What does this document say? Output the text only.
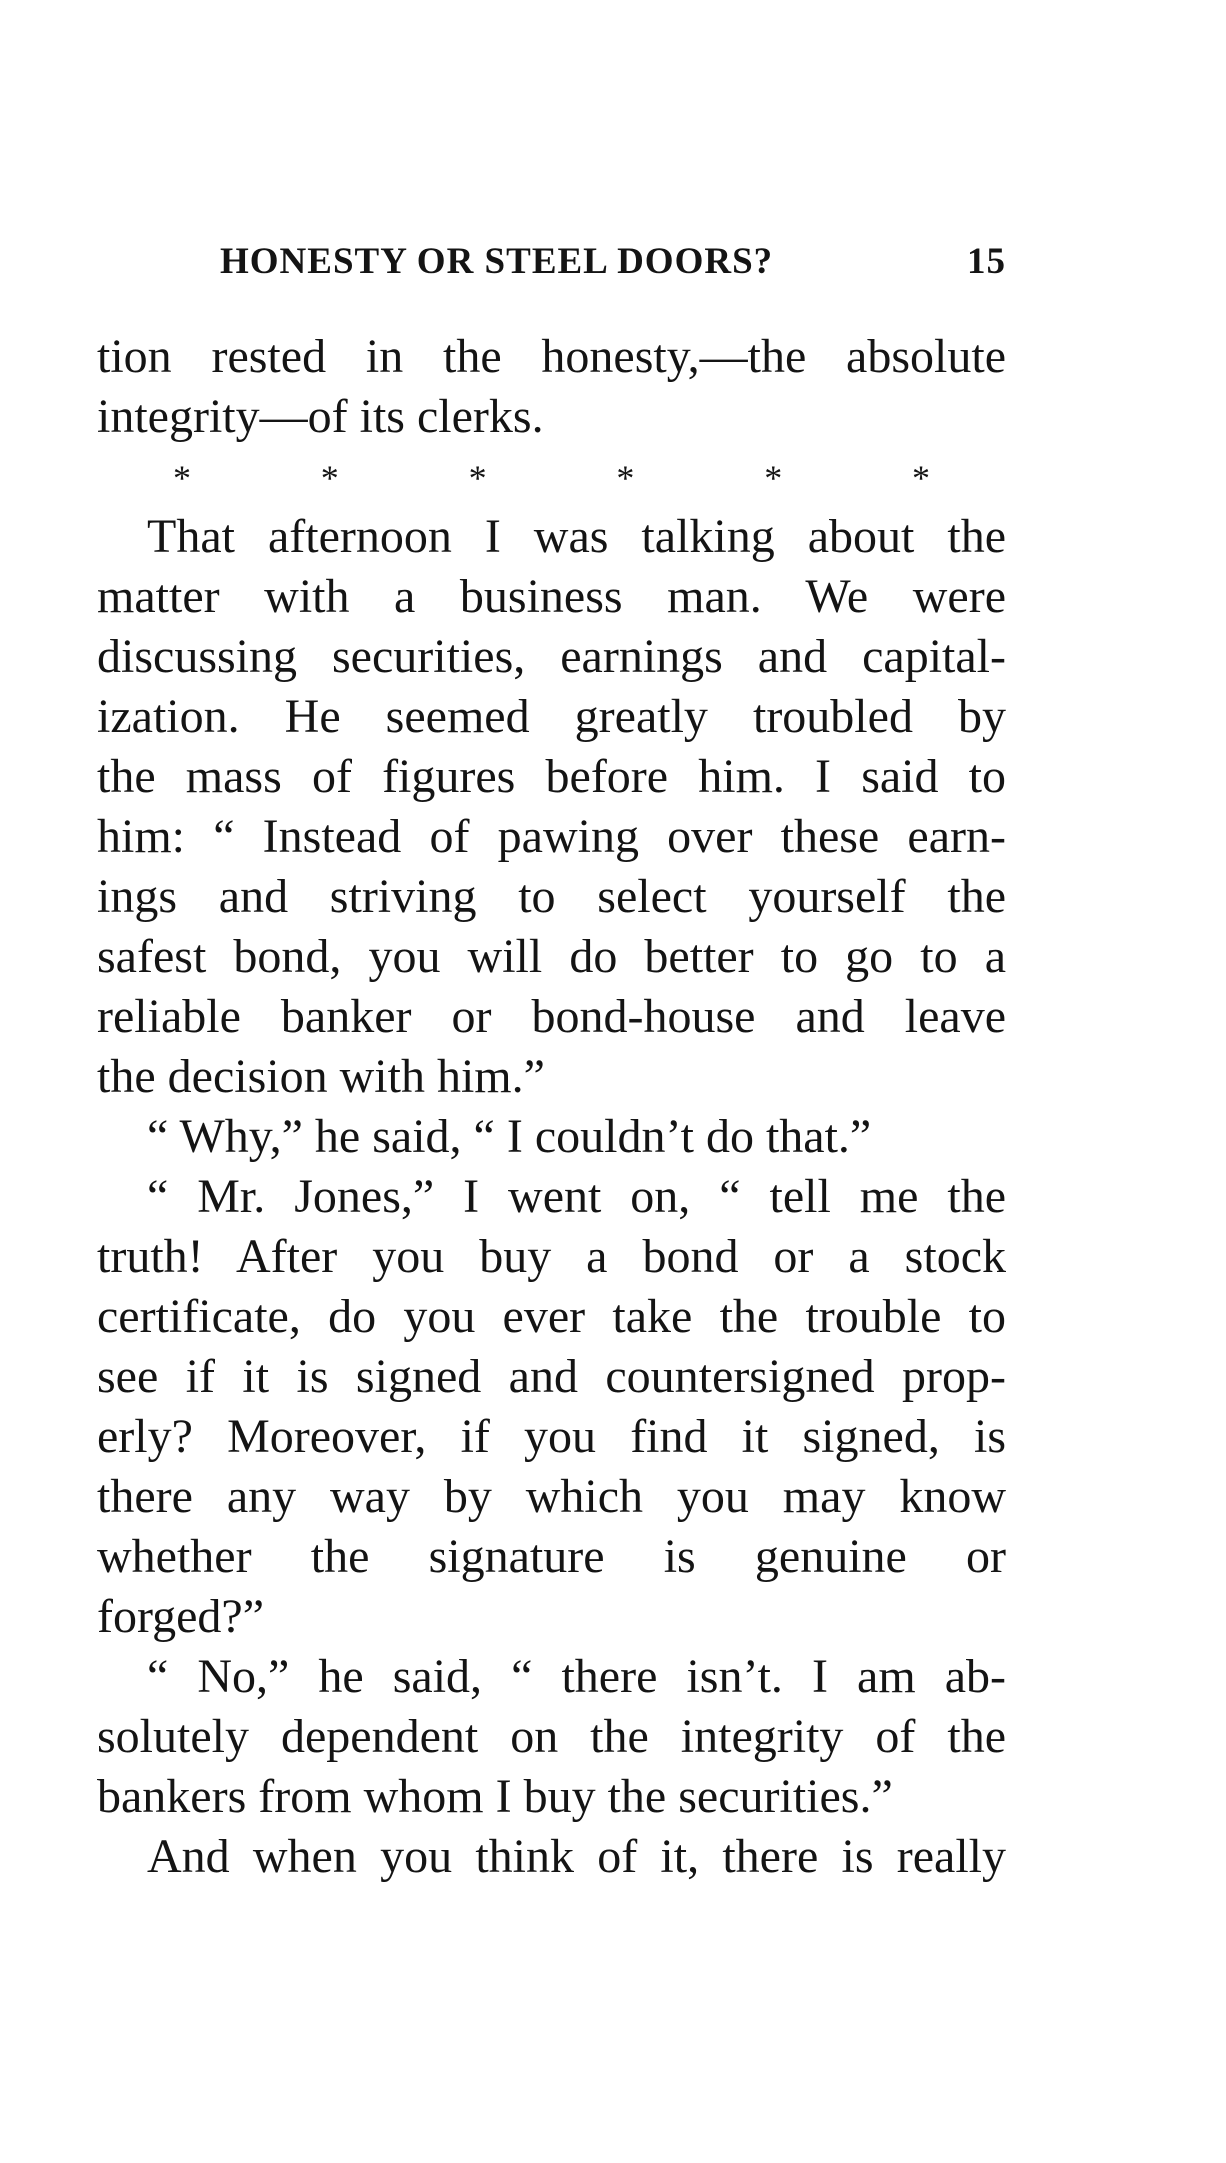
HONESTY OR STEEL DOORS?	15
tion rested in the honesty,—the absolute
integrity—of its clerks.
*	*	*	*	*	*
That afternoon I was talking about the
matter with a business man. We were
discussing securities, earnings and capital-
ization. He seemed greatly troubled by
the mass of figures before him. I said to
him: “ Instead of pawing over these earn-
ings and striving to select yourself the
safest bond, you will do better to go to a
reliable banker or bond-house and leave
the decision with him.”
“ Why,” he said, “ I couldn’t do that.”
“ Mr. Jones,” I went on, “ tell me the
truth! After you buy a bond or a stock
certificate, do you ever take the trouble to
see if it is signed and countersigned prop-
erly? Moreover, if you find it signed, is
there any way by which you may know
whether the signature is genuine or
forged?”
“ No,” he said, “ there isn’t. I am ab-
solutely dependent on the integrity of the
bankers from whom I buy the securities.”
And when you think of it, there is really
